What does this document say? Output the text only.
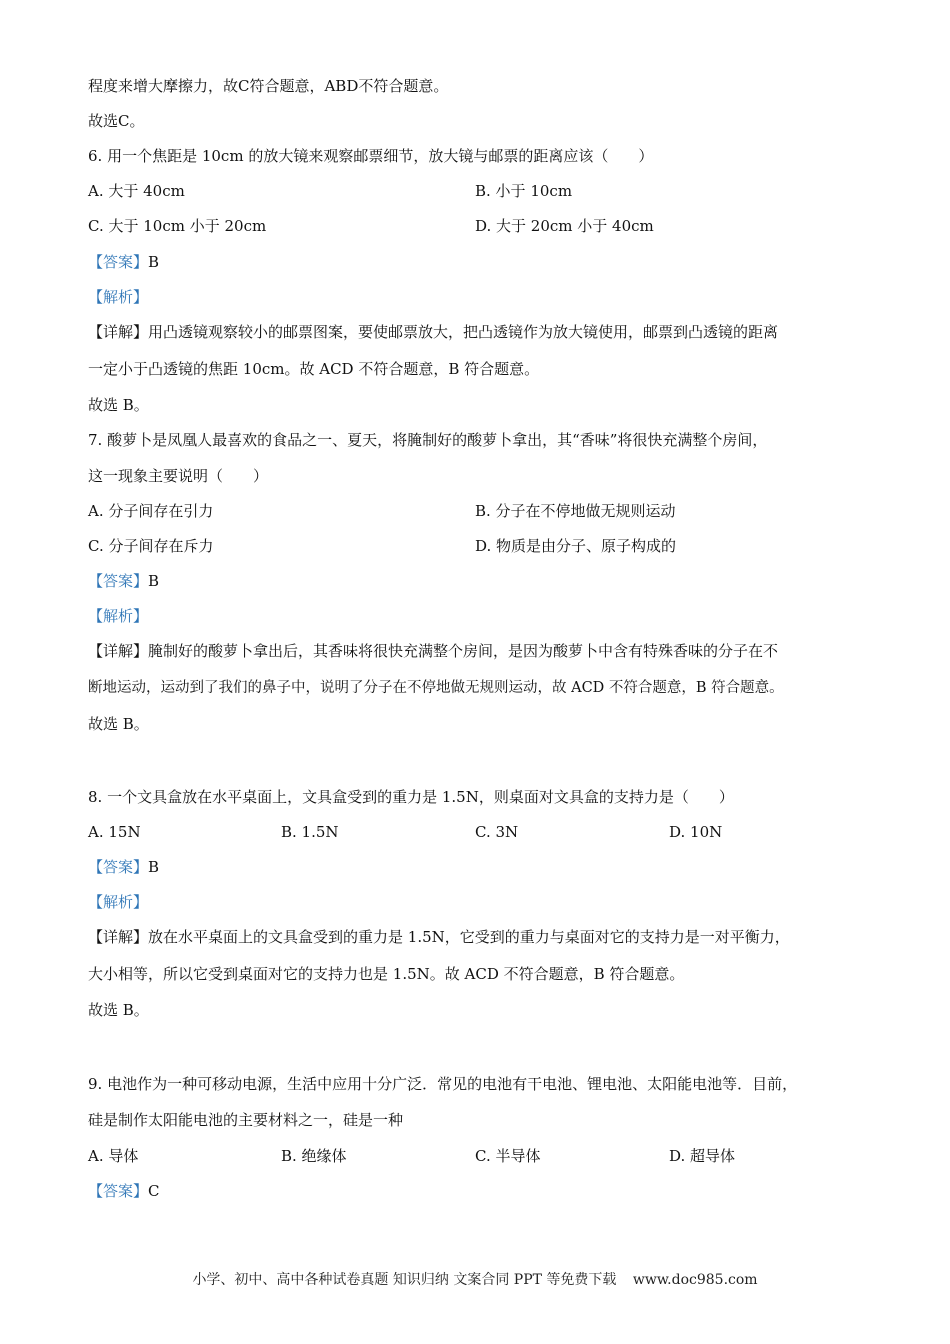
程度来增大摩擦力，故C符合题意，ABD不符合题意。
故选C。
6. 用一个焦距是 10cm 的放大镜来观察邮票细节，放大镜与邮票的距离应该（　　）
A. 大于 40cm	B. 小于 10cm
C. 大于 10cm 小于 20cm	D. 大于 20cm 小于 40cm
【答案】B
【解析】
【详解】用凸透镜观察较小的邮票图案，要使邮票放大，把凸透镜作为放大镜使用，邮票到凸透镜的距离
一定小于凸透镜的焦距 10cm。故 ACD 不符合题意，B 符合题意。
故选 B。
7. 酸萝卜是凤凰人最喜欢的食品之一、夏天，将腌制好的酸萝卜拿出，其“香味”将很快充满整个房间，
这一现象主要说明（　　）
A. 分子间存在引力	B. 分子在不停地做无规则运动
C. 分子间存在斥力	D. 物质是由分子、原子构成的
【答案】B
【解析】
【详解】腌制好的酸萝卜拿出后，其香味将很快充满整个房间，是因为酸萝卜中含有特殊香味的分子在不
断地运动，运动到了我们的鼻子中，说明了分子在不停地做无规则运动，故 ACD 不符合题意，B 符合题意。
故选 B。
8. 一个文具盒放在水平桌面上，文具盒受到的重力是 1.5N，则桌面对文具盒的支持力是（　　）
A. 15N	B. 1.5N	C. 3N	D. 10N
【答案】B
【解析】
【详解】放在水平桌面上的文具盒受到的重力是 1.5N，它受到的重力与桌面对它的支持力是一对平衡力，
大小相等，所以它受到桌面对它的支持力也是 1.5N。故 ACD 不符合题意，B 符合题意。
故选 B。
9. 电池作为一种可移动电源，生活中应用十分广泛．常见的电池有干电池、锂电池、太阳能电池等．目前，
硅是制作太阳能电池的主要材料之一，硅是一种
A. 导体	B. 绝缘体	C. 半导体	D. 超导体
【答案】C
小学、初中、高中各种试卷真题 知识归纳 文案合同 PPT 等免费下载 www.doc985.com
